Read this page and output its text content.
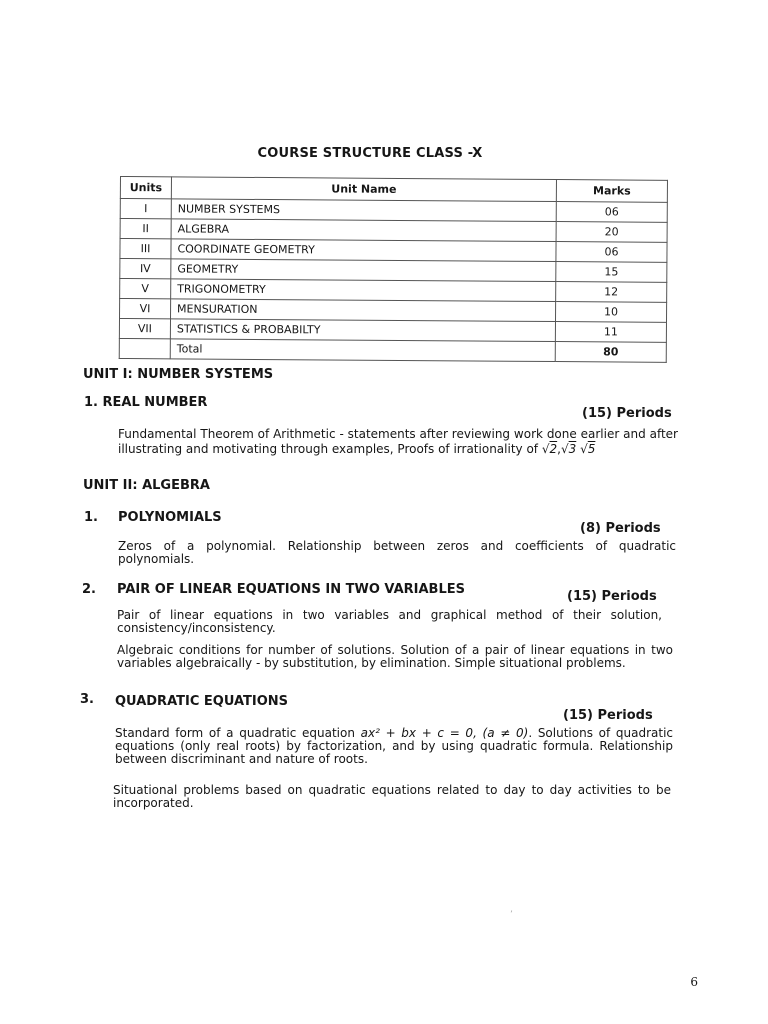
COURSE STRUCTURE CLASS -X
Units	Unit Name	Marks
I	NUMBER SYSTEMS	06
II	ALGEBRA	20
III	COORDINATE GEOMETRY	06
IV	GEOMETRY	15
V	TRIGONOMETRY	12
VI	MENSURATION	10
VII	STATISTICS & PROBABILTY	11
	Total	80
UNIT I: NUMBER SYSTEMS
1. REAL NUMBER
(15) Periods
Fundamental Theorem of Arithmetic - statements after reviewing work done earlier and after illustrating and motivating through examples, Proofs of irrationality of √2,√3 √5
UNIT II: ALGEBRA
1. POLYNOMIALS
(8) Periods
Zeros of a polynomial. Relationship between zeros and coefficients of quadratic polynomials.
2. PAIR OF LINEAR EQUATIONS IN TWO VARIABLES	(15) Periods
Pair of linear equations in two variables and graphical method of their solution, consistency/inconsistency.
Algebraic conditions for number of solutions. Solution of a pair of linear equations in two variables algebraically - by substitution, by elimination. Simple situational problems.
3. QUADRATIC EQUATIONS
(15) Periods
Standard form of a quadratic equation ax² + bx + c = 0, (a ≠ 0). Solutions of quadratic equations (only real roots) by factorization, and by using quadratic formula. Relationship between discriminant and nature of roots.
Situational problems based on quadratic equations related to day to day activities to be incorporated.
ʼ
6
